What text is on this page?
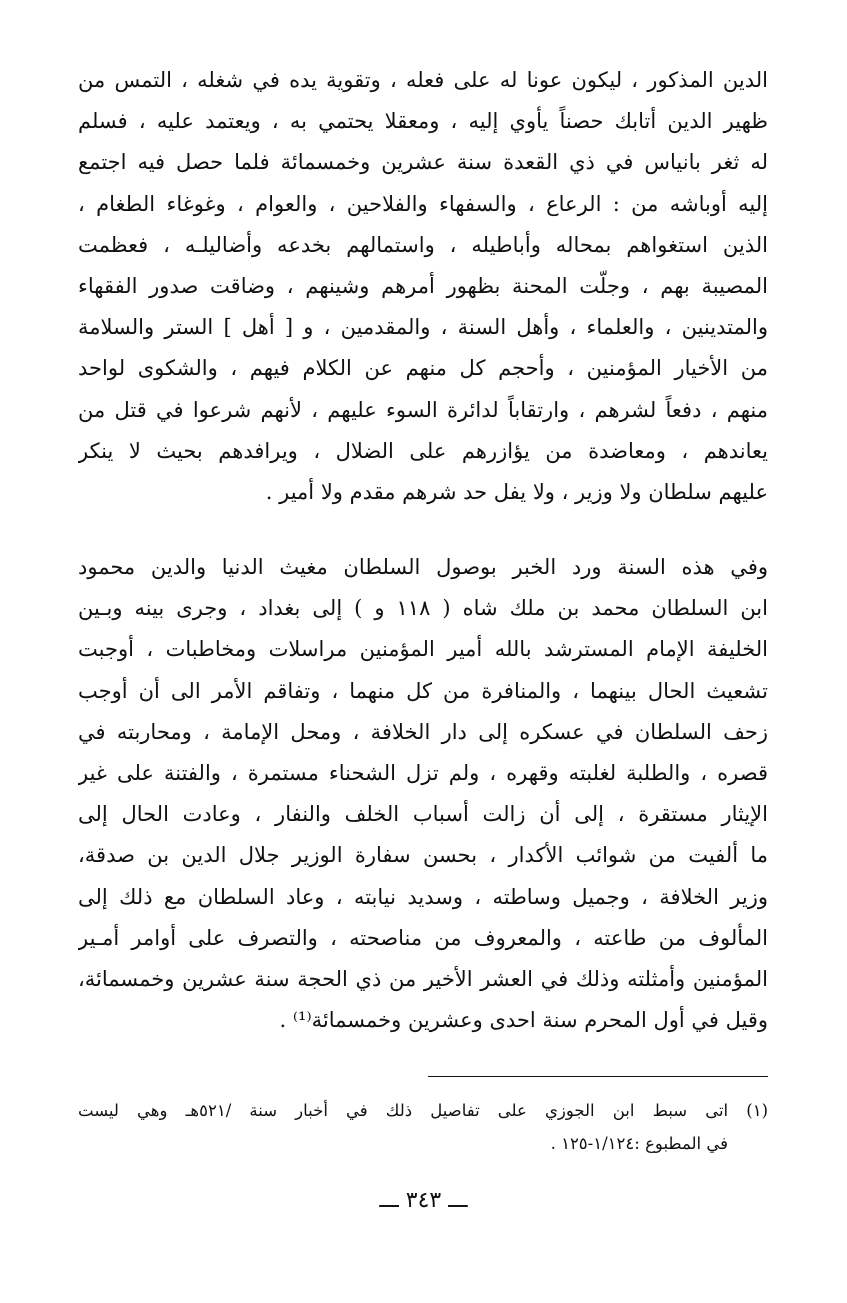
الدين المذكور ، ليكون عونا له على فعله ، وتقوية يده في شغله ، التمس من
ظهير الدين أتابك حصناً يأوي إليه ، ومعقلا يحتمي به ، ويعتمد عليه ، فسلم
له ثغر بانياس في ذي القعدة سنة عشرين وخمسمائة فلما حصل فيه اجتمع
إليه أوباشه من : الرعاع ، والسفهاء والفلاحين ، والعوام ، وغوغاء الطغام ،
الذين استغواهم بمحاله وأباطيله ، واستمالهم بخدعه وأضاليلـه ، فعظمت
المصيبة بهم ، وجلّت المحنة بظهور أمرهم وشينهم ، وضاقت صدور الفقهاء
والمتدينين ، والعلماء ، وأهل السنة ، والمقدمين ، و [ أهل ] الستر والسلامة
من الأخيار المؤمنين ، وأحجم كل منهم عن الكلام فيهم ، والشكوى لواحد
منهم ، دفعاً لشرهم ، وارتقاباً لدائرة السوء عليهم ، لأنهم شرعوا في قتل من
يعاندهم ، ومعاضدة من يؤازرهم على الضلال ، ويرافدهم بحيث لا ينكر
عليهم سلطان ولا وزير ، ولا يفل حد شرهم مقدم ولا أمير .
وفي هذه السنة ورد الخبر بوصول السلطان مغيث الدنيا والدين محمود
ابن السلطان محمد بن ملك شاه ( ١١٨ و ) إلى بغداد ، وجرى بينه وبـين
الخليفة الإمام المسترشد بالله أمير المؤمنين مراسلات ومخاطبات ، أوجبت
تشعيث الحال بينهما ، والمنافرة من كل منهما ، وتفاقم الأمر الى أن أوجب
زحف السلطان في عسكره إلى دار الخلافة ، ومحل الإمامة ، ومحاربته في
قصره ، والطلبة لغلبته وقهره ، ولم تزل الشحناء مستمرة ، والفتنة على غير
الإيثار مستقرة ، إلى أن زالت أسباب الخلف والنفار ، وعادت الحال إلى
ما ألفيت من شوائب الأكدار ، بحسن سفارة الوزير جلال الدين بن صدقة،
وزير الخلافة ، وجميل وساطته ، وسديد نيابته ، وعاد السلطان مع ذلك إلى
المألوف من طاعته ، والمعروف من مناصحته ، والتصرف على أوامر أمـير
المؤمنين وأمثلته وذلك في العشر الأخير من ذي الحجة سنة عشرين وخمسمائة،
وقيل في أول المحرم سنة احدى وعشرين وخمسمائة⁽¹⁾ .
(١) اتى سبط ابن الجوزي على تفاصيل ذلك في أخبار سنة /٥٢١هـ وهي ليست
في المطبوع :١/١٢٤-١٢٥ .
ـــ ٣٤٣ ـــ
